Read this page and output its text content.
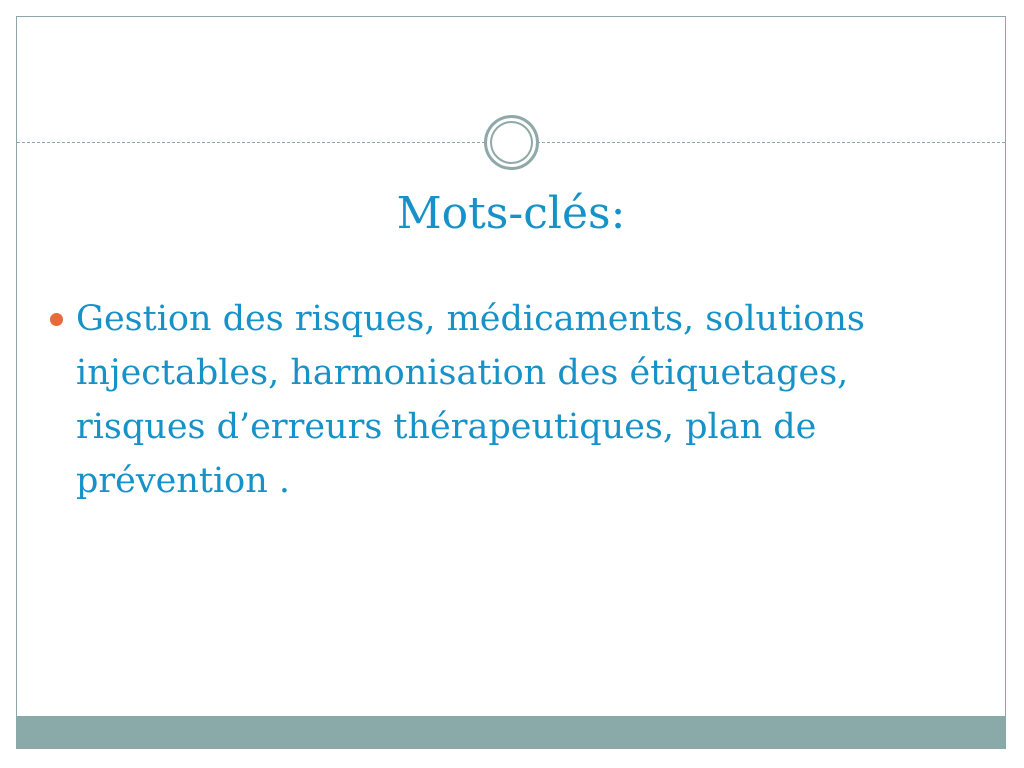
Mots-clés:
Gestion des risques, médicaments, solutions injectables, harmonisation des étiquetages, risques d’erreurs thérapeutiques, plan de prévention .
